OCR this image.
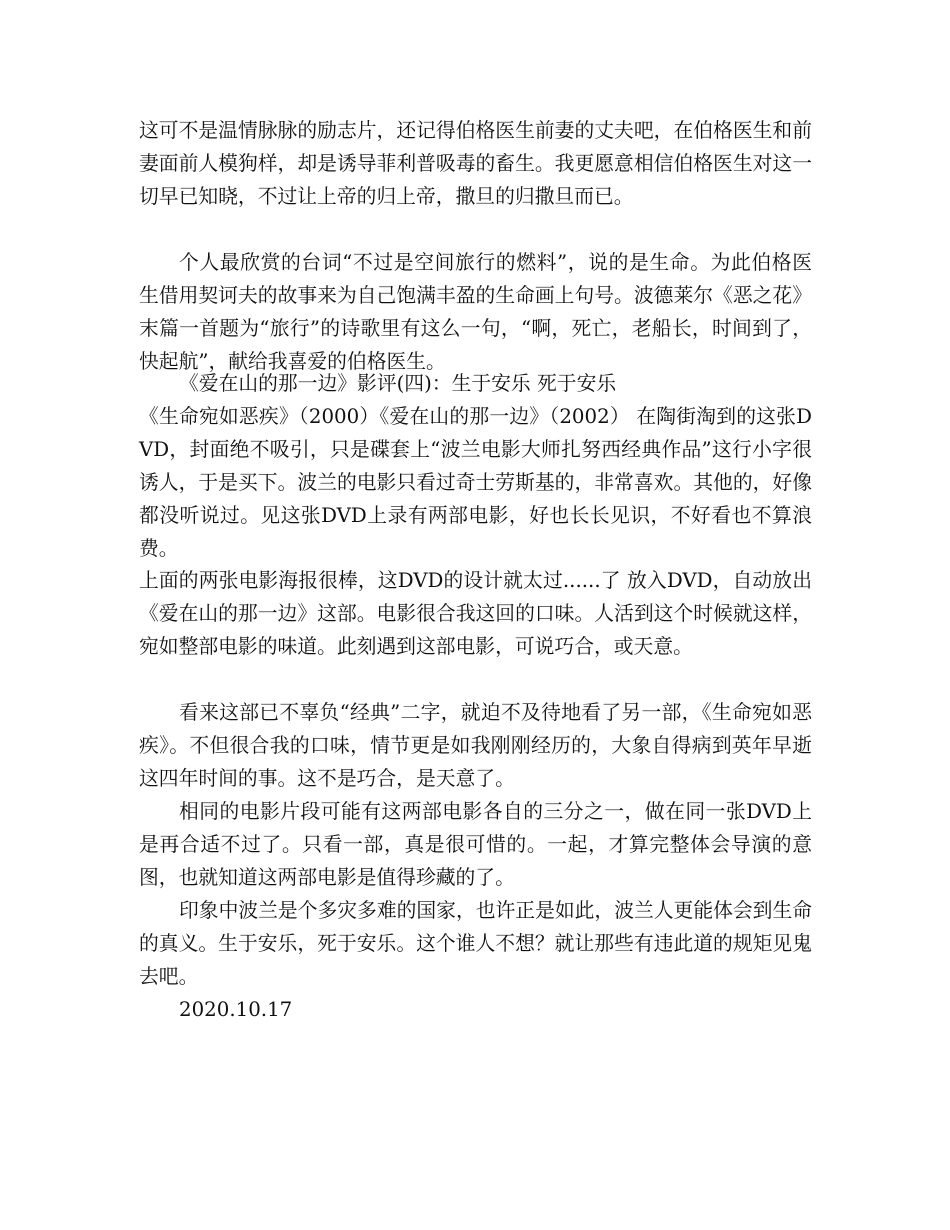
这可不是温情脉脉的励志片，还记得伯格医生前妻的丈夫吧，在伯格医生和前妻面前人模狗样，却是诱导菲利普吸毒的畜生。我更愿意相信伯格医生对这一切早已知晓，不过让上帝的归上帝，撒旦的归撒旦而已。

个人最欣赏的台词“不过是空间旅行的燃料”，说的是生命。为此伯格医生借用契诃夫的故事来为自己饱满丰盈的生命画上句号。波德莱尔《恶之花》末篇一首题为“旅行”的诗歌里有这么一句，“啊，死亡，老船长，时间到了，快起航”，献给我喜爱的伯格医生。

《爱在山的那一边》影评(四)：生于安乐 死于安乐

《生命宛如恶疾》（2000）《爱在山的那一边》（2002） 在陶街淘到的这张DVD，封面绝不吸引，只是碟套上“波兰电影大师扎努西经典作品”这行小字很诱人，于是买下。波兰的电影只看过奇士劳斯基的，非常喜欢。其他的，好像都没听说过。见这张DVD上录有两部电影，好也长长见识，不好看也不算浪费。

上面的两张电影海报很棒，这DVD的设计就太过......了 放入DVD，自动放出《爱在山的那一边》这部。电影很合我这回的口味。人活到这个时候就这样，宛如整部电影的味道。此刻遇到这部电影，可说巧合，或天意。

看来这部已不辜负“经典”二字，就迫不及待地看了另一部，《生命宛如恶疾》。不但很合我的口味，情节更是如我刚刚经历的，大象自得病到英年早逝这四年时间的事。这不是巧合，是天意了。

相同的电影片段可能有这两部电影各自的三分之一，做在同一张DVD上是再合适不过了。只看一部，真是很可惜的。一起，才算完整体会导演的意图，也就知道这两部电影是值得珍藏的了。

印象中波兰是个多灾多难的国家，也许正是如此，波兰人更能体会到生命的真义。生于安乐，死于安乐。这个谁人不想？就让那些有违此道的规矩见鬼去吧。

2020.10.17
